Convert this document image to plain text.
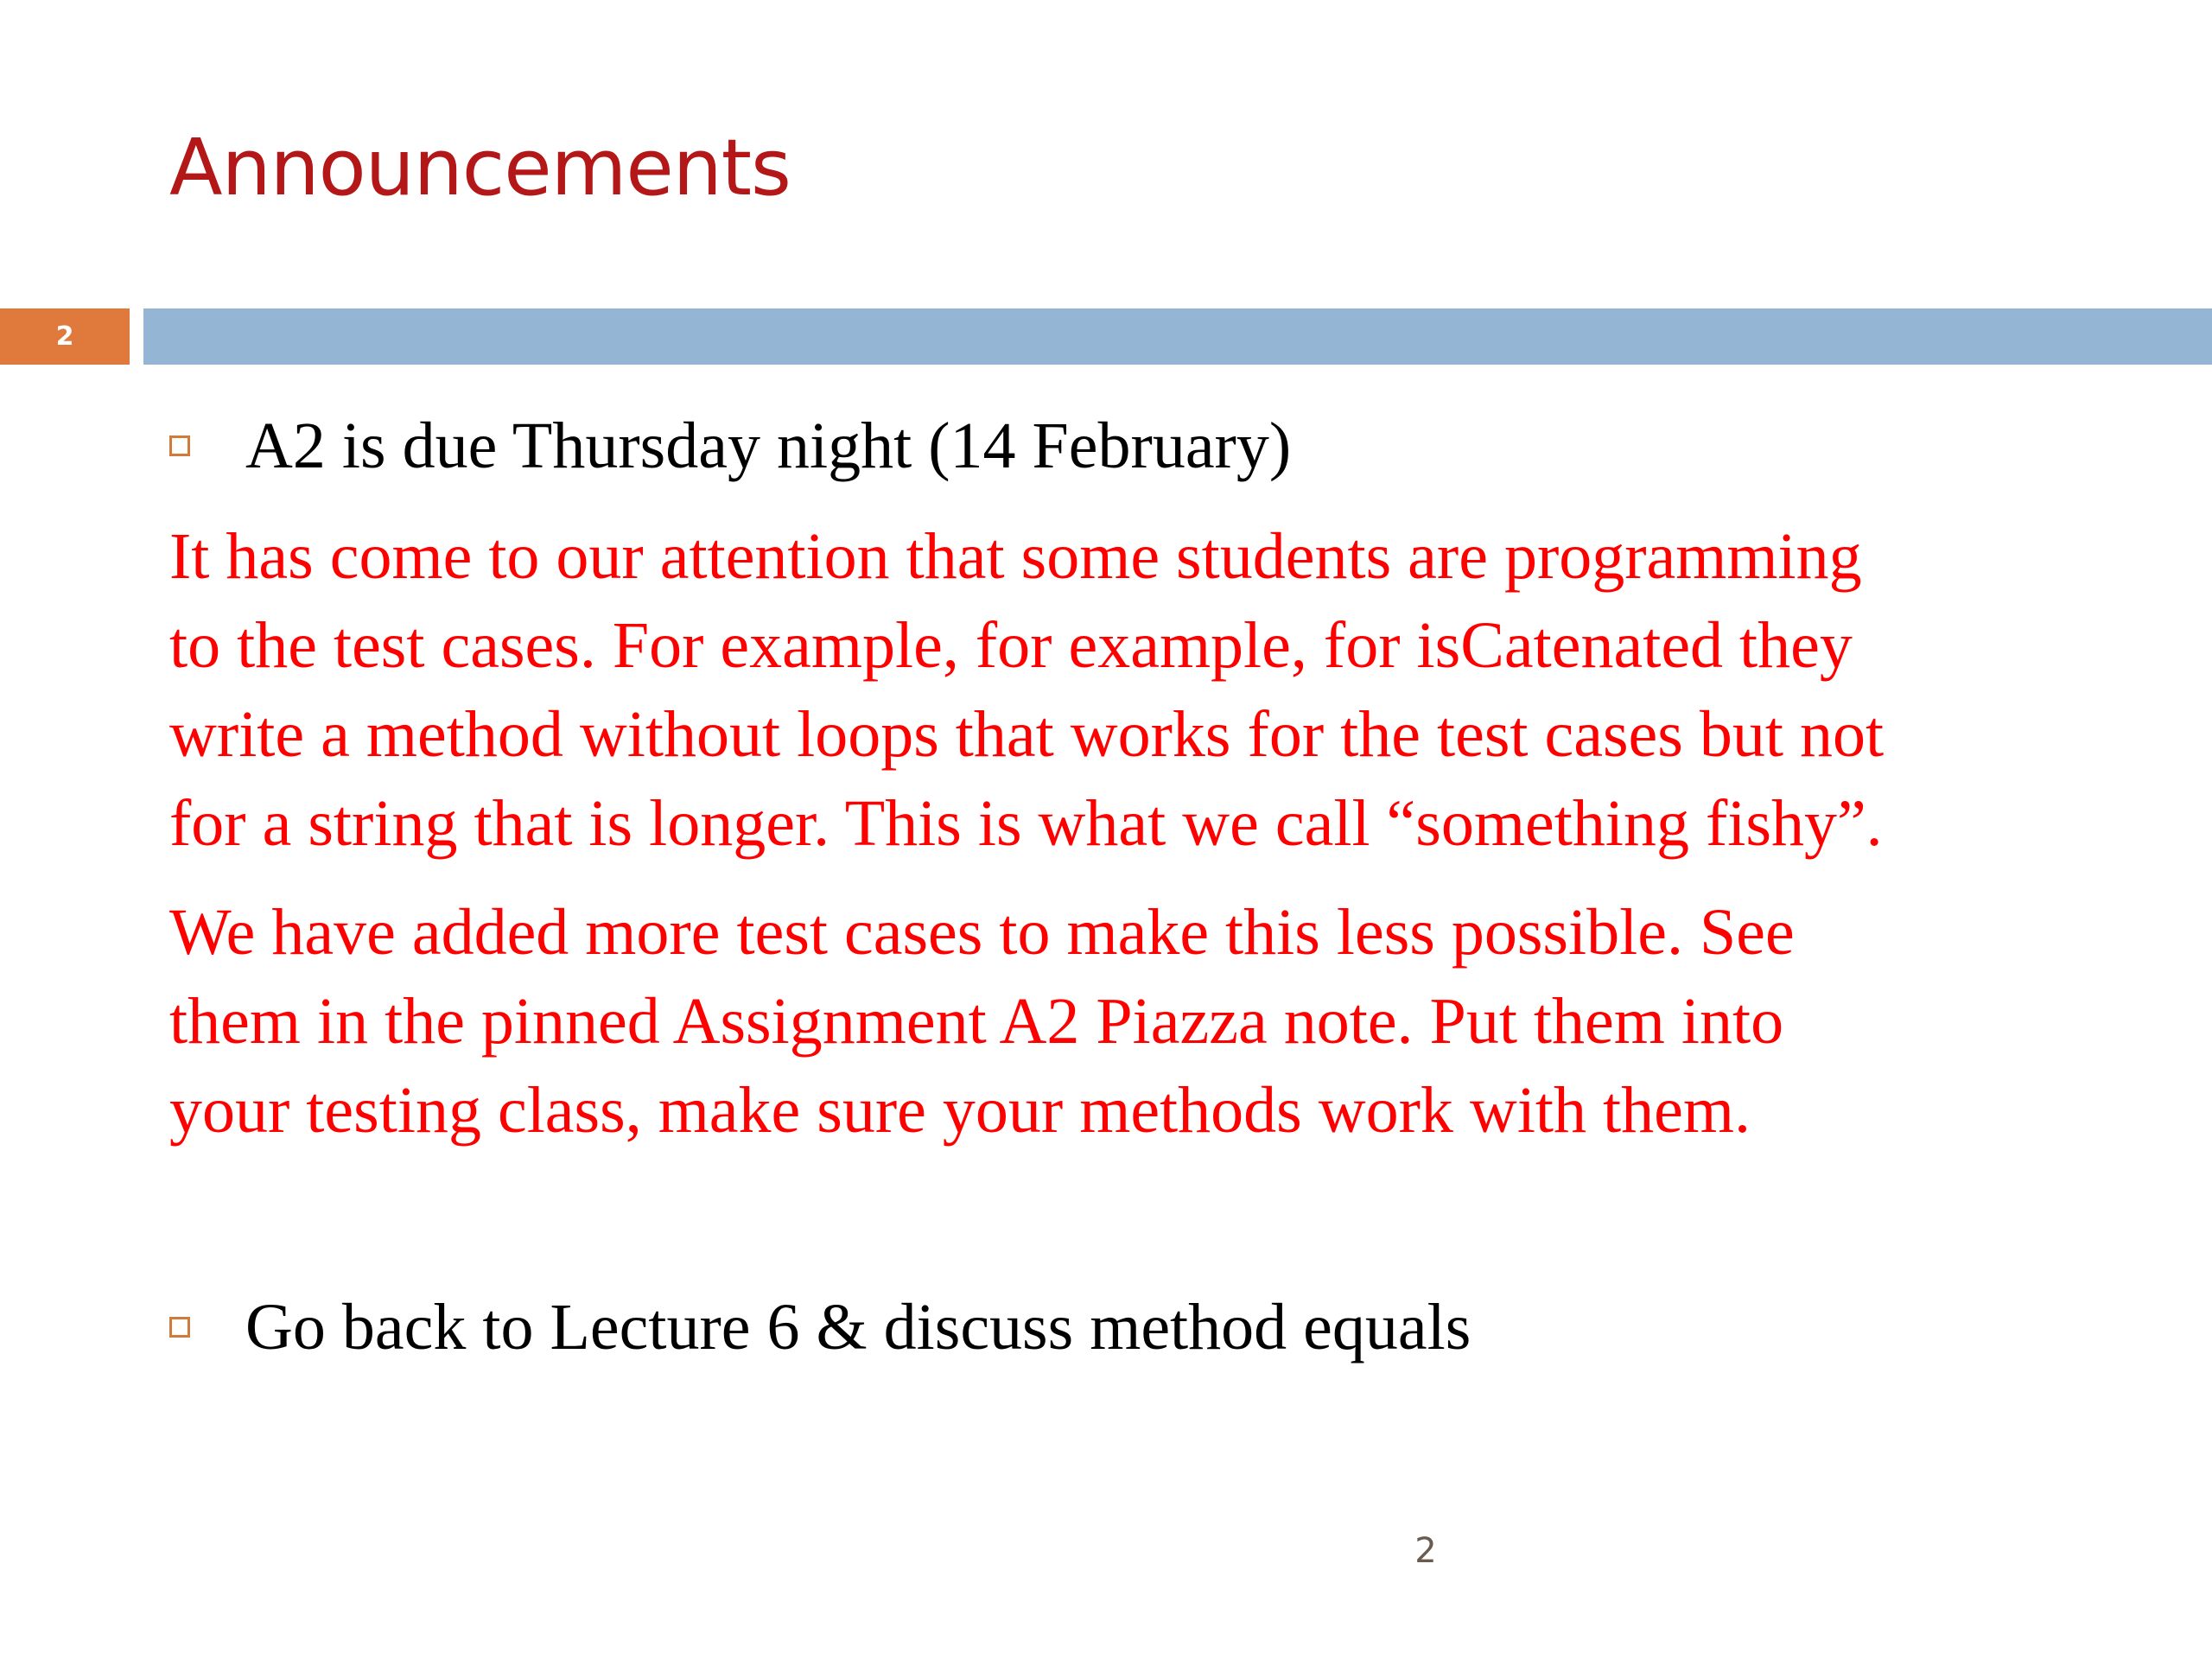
Announcements
2
A2 is due Thursday night (14 February)
It has come to our attention that some students are programming
to the test cases. For example, for example, for isCatenated they
write a method without loops that works for the test cases but not
for a string that is longer. This is what we call “something fishy”.
We have added more test cases to make this less possible. See
them in the pinned Assignment A2 Piazza note. Put them into
your testing class, make sure your methods work with them.
Go back to Lecture 6 & discuss method equals
2
